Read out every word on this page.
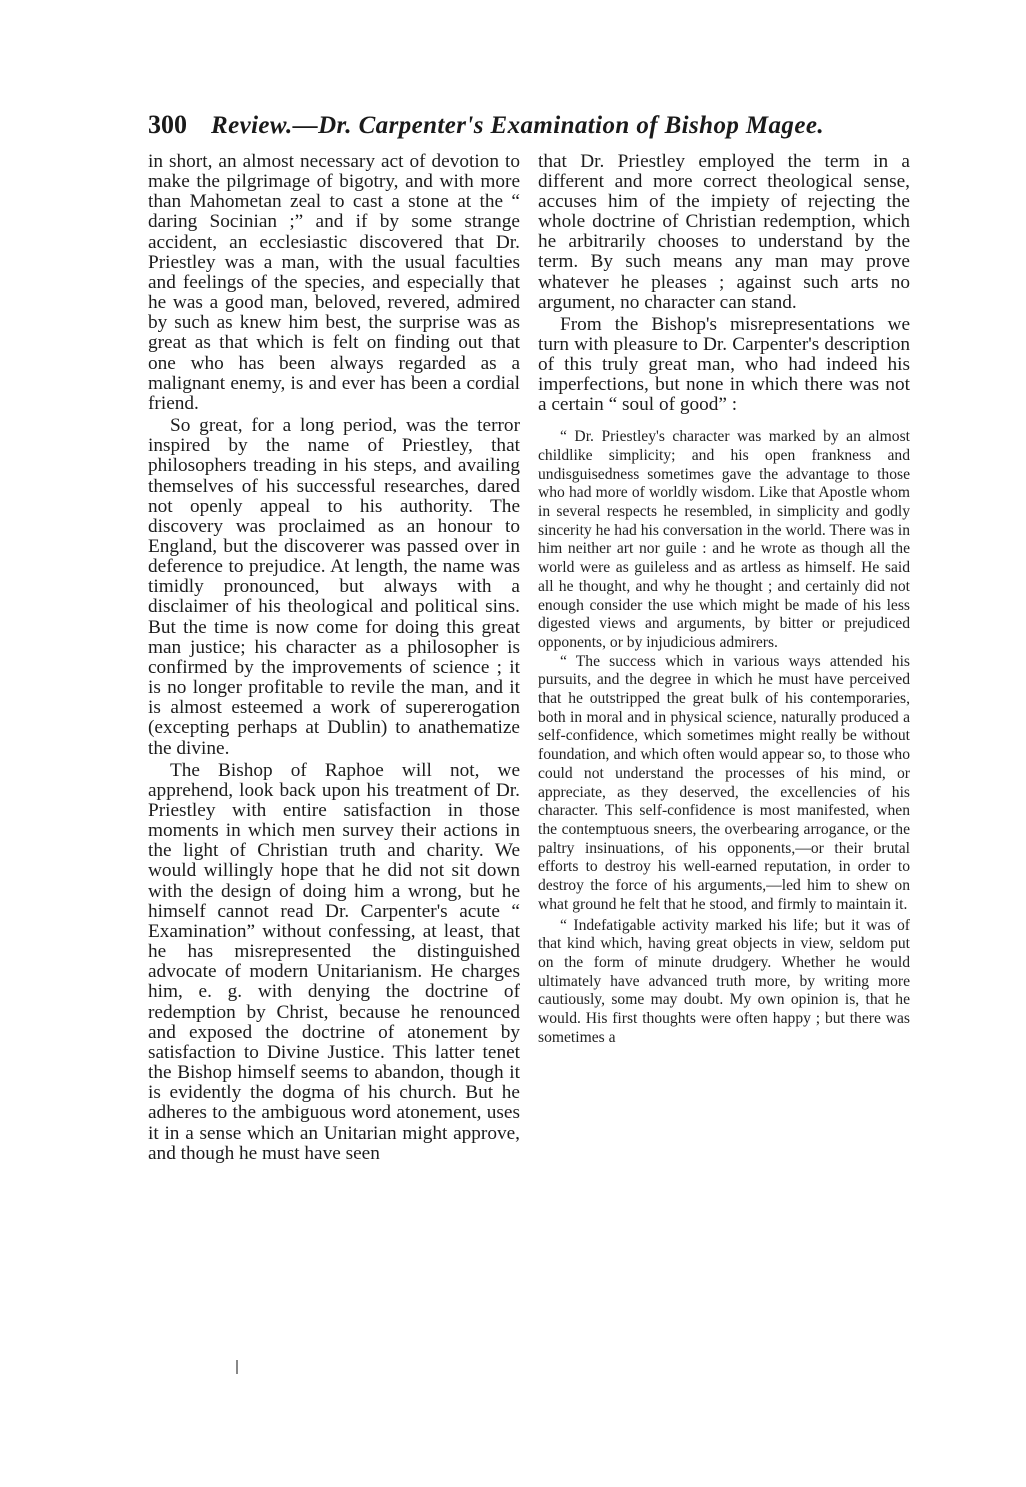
300 Review.—Dr. Carpenter's Examination of Bishop Magee.

in short, an almost necessary act of devotion to make the pilgrimage of bigotry, and with more than Mahometan zeal to cast a stone at the “ daring Socinian ;” and if by some strange accident, an ecclesiastic discovered that Dr. Priestley was a man, with the usual faculties and feelings of the species, and especially that he was a good man, beloved, revered, admired by such as knew him best, the surprise was as great as that which is felt on finding out that one who has been always regarded as a malignant enemy, is and ever has been a cordial friend.

So great, for a long period, was the terror inspired by the name of Priestley, that philosophers treading in his steps, and availing themselves of his successful researches, dared not openly appeal to his authority. The discovery was proclaimed as an honour to England, but the discoverer was passed over in deference to prejudice. At length, the name was timidly pronounced, but always with a disclaimer of his theological and political sins. But the time is now come for doing this great man justice; his character as a philosopher is confirmed by the improvements of science ; it is no longer profitable to revile the man, and it is almost esteemed a work of supererogation (excepting perhaps at Dublin) to anathematize the divine.

The Bishop of Raphoe will not, we apprehend, look back upon his treatment of Dr. Priestley with entire satisfaction in those moments in which men survey their actions in the light of Christian truth and charity. We would willingly hope that he did not sit down with the design of doing him a wrong, but he himself cannot read Dr. Carpenter's acute “ Examination” without confessing, at least, that he has misrepresented the distinguished advocate of modern Unitarianism. He charges him, e. g. with denying the doctrine of redemption by Christ, because he renounced and exposed the doctrine of atonement by satisfaction to Divine Justice. This latter tenet the Bishop himself seems to abandon, though it is evidently the dogma of his church. But he adheres to the ambiguous word atonement, uses it in a sense which an Unitarian might approve, and though he must have seen

that Dr. Priestley employed the term in a different and more correct theological sense, accuses him of the impiety of rejecting the whole doctrine of Christian redemption, which he arbitrarily chooses to understand by the term. By such means any man may prove whatever he pleases ; against such arts no argument, no character can stand.

From the Bishop's misrepresentations we turn with pleasure to Dr. Carpenter's description of this truly great man, who had indeed his imperfections, but none in which there was not a certain “ soul of good” :

“ Dr. Priestley's character was marked by an almost childlike simplicity; and his open frankness and undisguisedness sometimes gave the advantage to those who had more of worldly wisdom. Like that Apostle whom in several respects he resembled, in simplicity and godly sincerity he had his conversation in the world. There was in him neither art nor guile : and he wrote as though all the world were as guileless and as artless as himself. He said all he thought, and why he thought ; and certainly did not enough consider the use which might be made of his less digested views and arguments, by bitter or prejudiced opponents, or by injudicious admirers.

“ The success which in various ways attended his pursuits, and the degree in which he must have perceived that he outstripped the great bulk of his contemporaries, both in moral and in physical science, naturally produced a self-confidence, which sometimes might really be without foundation, and which often would appear so, to those who could not understand the processes of his mind, or appreciate, as they deserved, the excellencies of his character. This self-confidence is most manifested, when the contemptuous sneers, the overbearing arrogance, or the paltry insinuations, of his opponents,—or their brutal efforts to destroy his well-earned reputation, in order to destroy the force of his arguments,—led him to shew on what ground he felt that he stood, and firmly to maintain it.

“ Indefatigable activity marked his life; but it was of that kind which, having great objects in view, seldom put on the form of minute drudgery. Whether he would ultimately have advanced truth more, by writing more cautiously, some may doubt. My own opinion is, that he would. His first thoughts were often happy ; but there was sometimes a
